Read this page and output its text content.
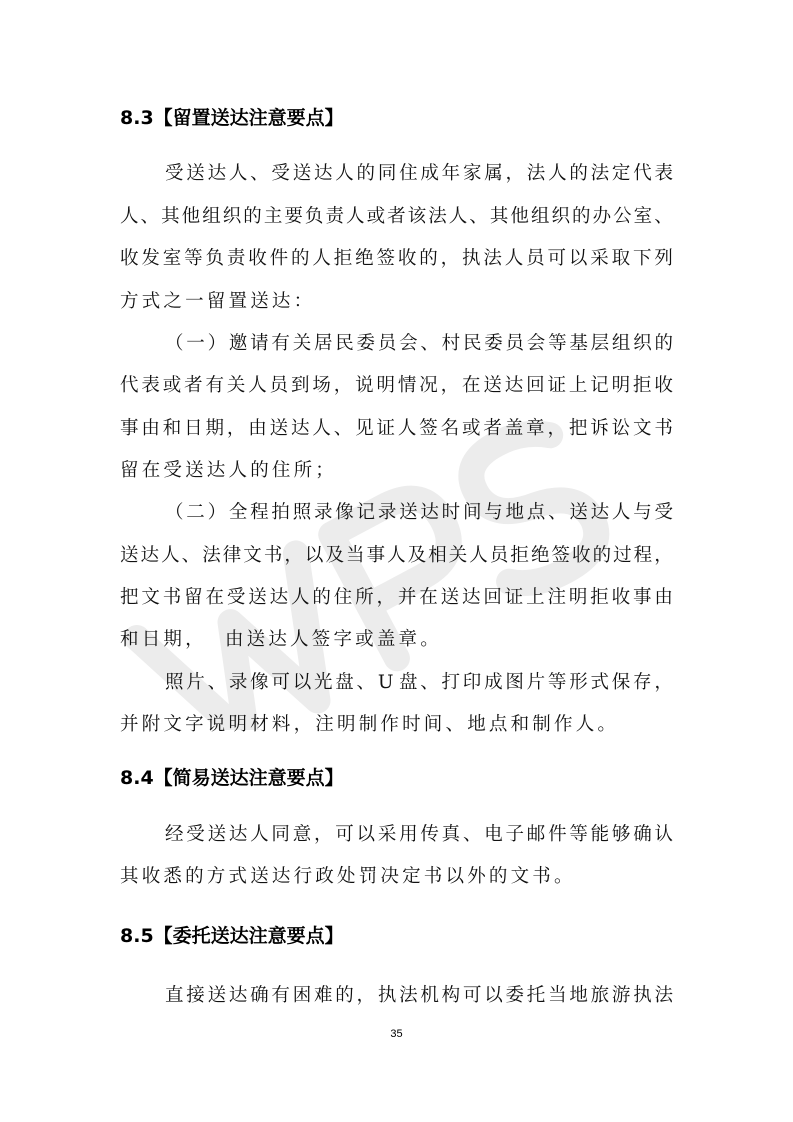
8.3【留置送达注意要点】
受 送 达 人 、 受 送 达 人 的 同 住 成 年 家 属 ， 法 人 的 法 定 代 表
人 、 其 他 组 织 的 主 要 负 责 人 或 者 该 法 人 、 其 他 组 织 的 办 公 室 、
收 发 室 等 负 责 收 件 的 人 拒 绝 签 收 的 ， 执 法 人 员 可 以 采 取 下 列
方式之一留置送达：
（ 一 ） 邀 请 有 关 居 民 委 员 会 、 村 民 委 员 会 等 基 层 组 织 的
代 表 或 者 有 关 人 员 到 场 ， 说 明 情 况 ， 在 送 达 回 证 上 记 明 拒 收
事 由 和 日 期 ， 由 送 达 人 、 见 证 人 签 名 或 者 盖 章 ， 把 诉 讼 文 书
留在受送达人的住所；
（ 二 ） 全 程 拍 照 录 像 记 录 送 达 时 间 与 地 点 、 送 达 人 与 受
送 达 人 、 法 律 文 书 ， 以 及 当 事 人 及 相 关 人 员 拒 绝 签 收 的 过 程 ，
把 文 书 留 在 受 送 达 人 的 住 所 ， 并 在 送 达 回 证 上 注 明 拒 收 事 由
和日期，  由送达人签字或盖章。
照 片 、 录 像 可 以 光 盘 、 U 盘 、 打 印 成 图 片 等 形 式 保 存 ，
并附文字说明材料，注明制作时间、地点和制作人。
8.4【简易送达注意要点】
经 受 送 达 人 同 意 ， 可 以 采 用 传 真 、 电 子 邮 件 等 能 够 确 认
其收悉的方式送达行政处罚决定书以外的文书。
8.5【委托送达注意要点】
直 接 送 达 确 有 困 难 的 ， 执 法 机 构 可 以 委 托 当 地 旅 游 执 法
35
